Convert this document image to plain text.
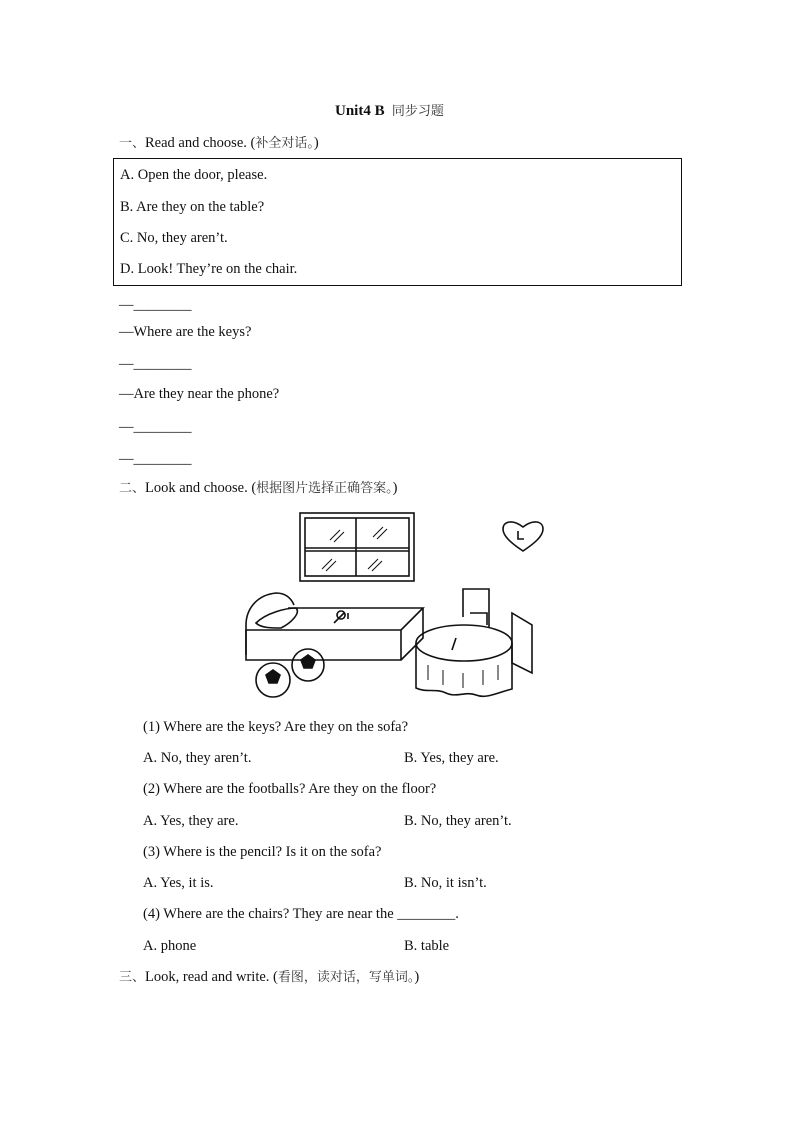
Unit4 B 同步习题
一、Read and choose. (补全对话。)
A. Open the door, please.
B. Are they on the table?
C. No, they aren’t.
D. Look! They’re on the chair.
—________
—Where are the keys?
—________
—Are they near the phone?
—________
—________
二、Look and choose. (根据图片选择正确答案。)
(1) Where are the keys? Are they on the sofa?
A. No, they aren’t.	B. Yes, they are.
(2) Where are the footballs? Are they on the floor?
A. Yes, they are.	B. No, they aren’t.
(3) Where is the pencil? Is it on the sofa?
A. Yes, it is.	B. No, it isn’t.
(4) Where are the chairs? They are near the ________.
A. phone	B. table
三、Look, read and write. (看图，读对话，写单词。)
